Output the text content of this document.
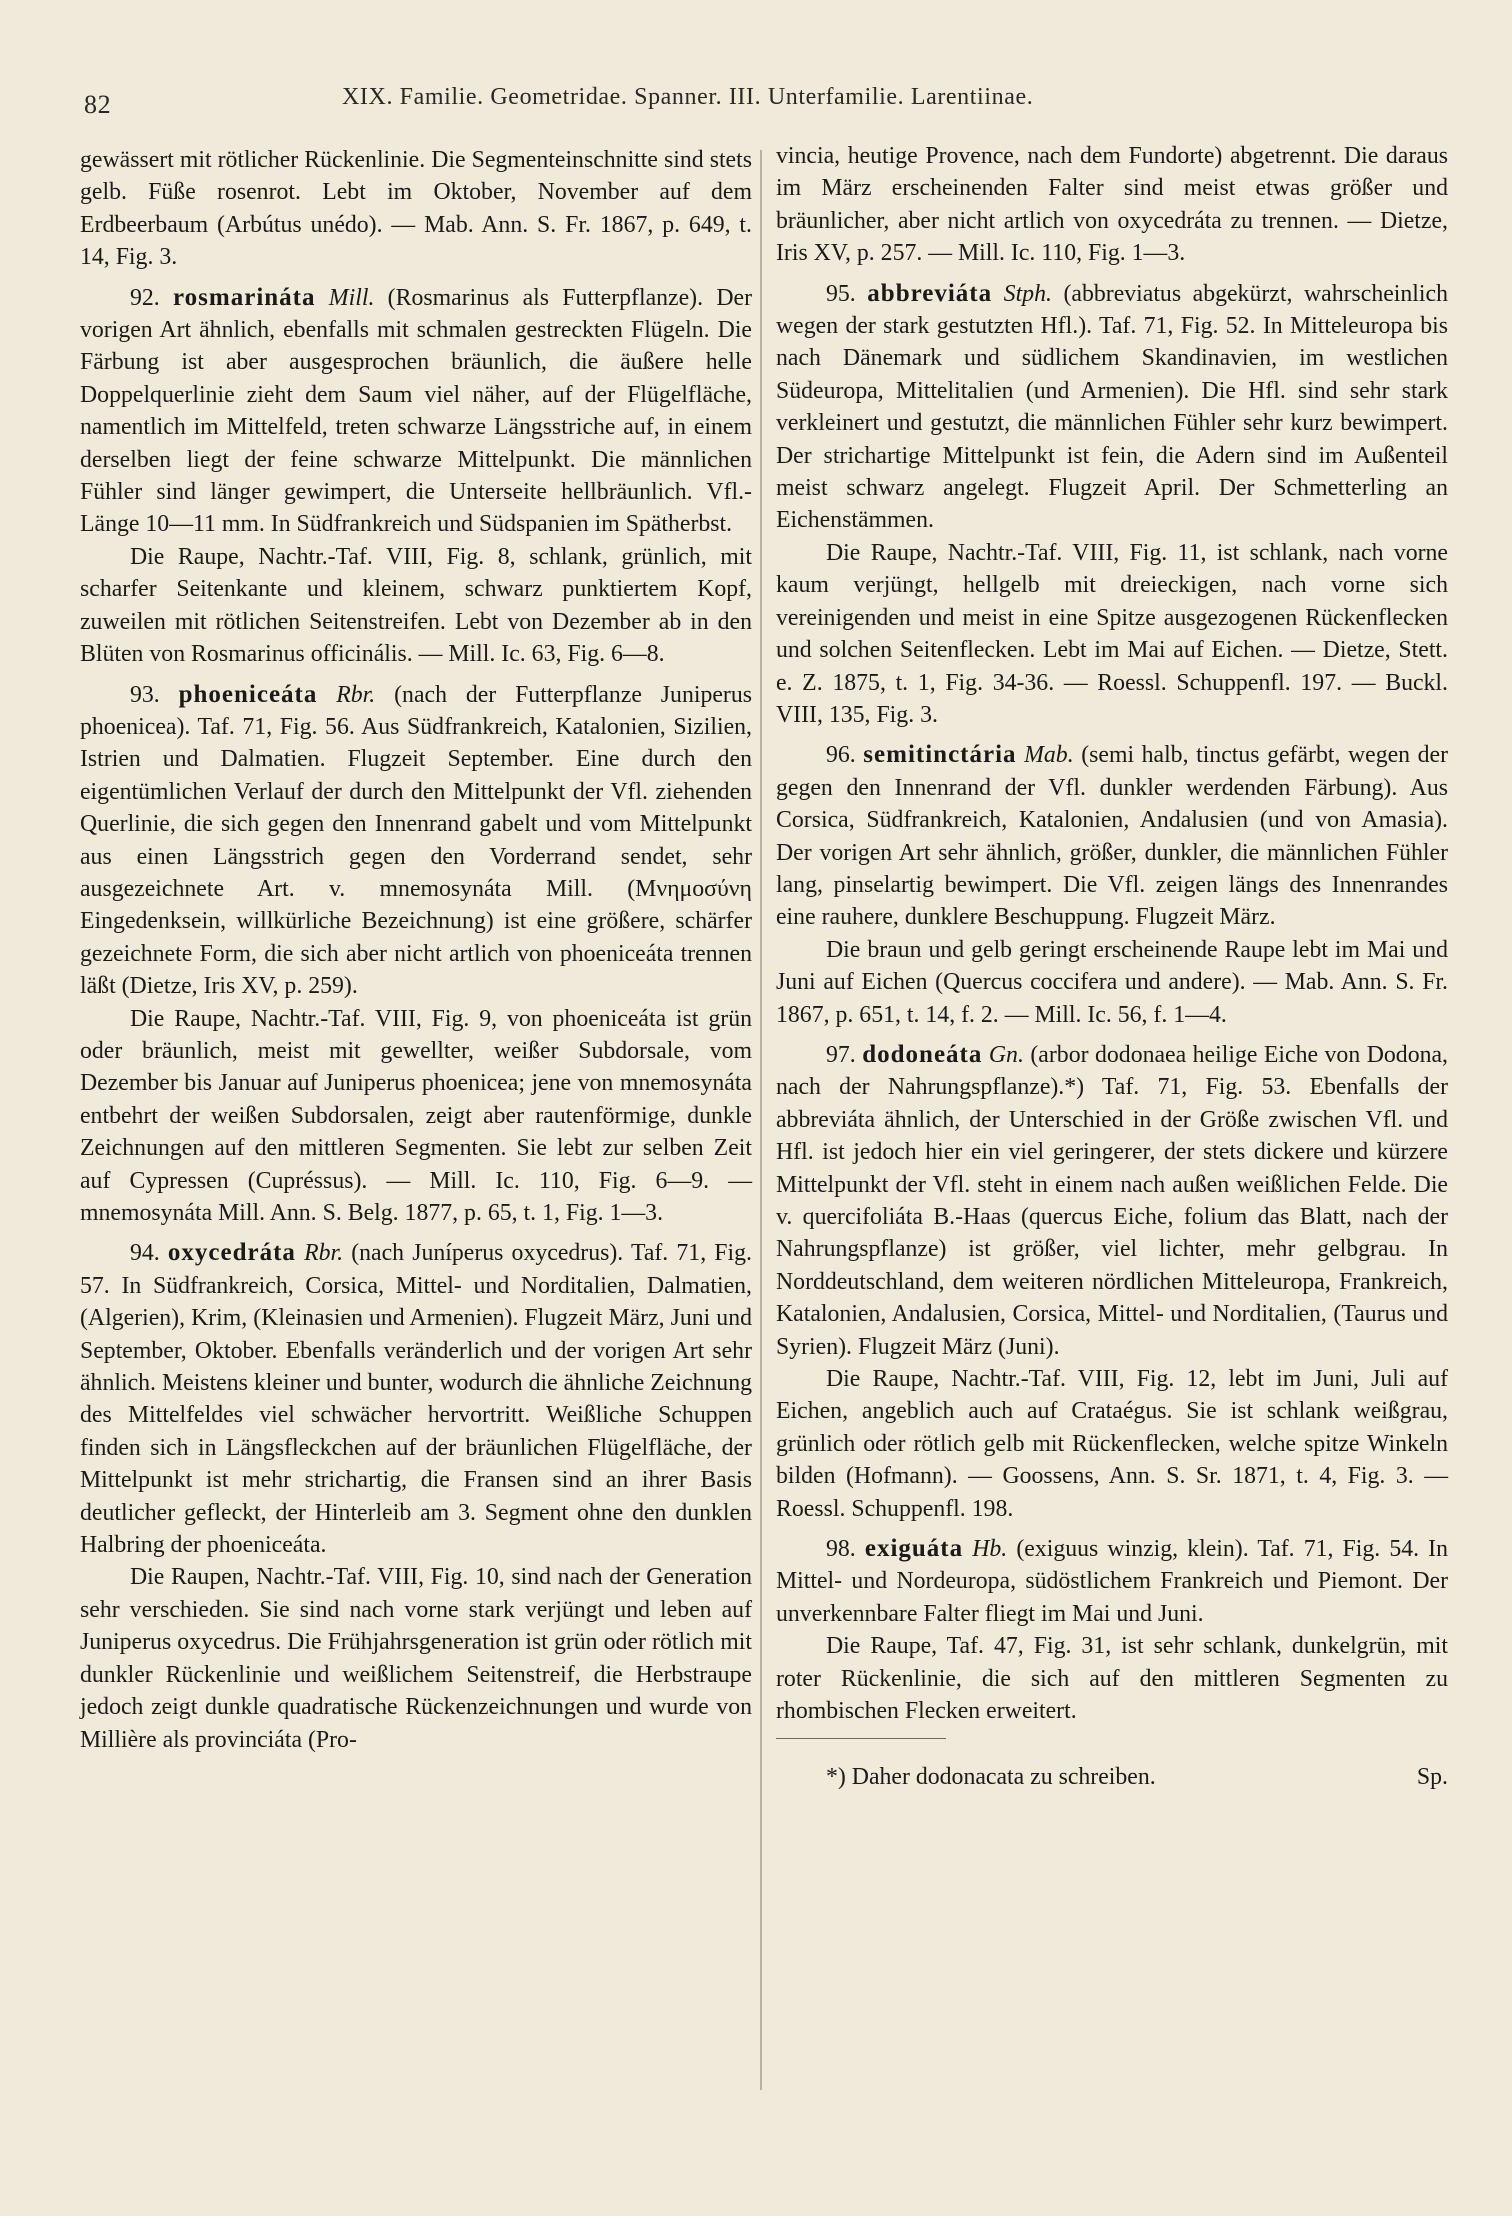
82	XIX. Familie. Geometridae. Spanner. III. Unterfamilie. Larentiinae.

gewässert mit rötlicher Rückenlinie. Die Segmenteinschnitte sind stets gelb. Füße rosenrot. Lebt im Oktober, November auf dem Erdbeerbaum (Arbútus unédo). — Mab. Ann. S. Fr. 1867, p. 649, t. 14, Fig. 3.

92. rosmarináta Mill. (Rosmarinus als Futterpflanze). Der vorigen Art ähnlich, ebenfalls mit schmalen gestreckten Flügeln. Die Färbung ist aber ausgesprochen bräunlich, die äußere helle Doppelquerlinie zieht dem Saum viel näher, auf der Flügelfläche, namentlich im Mittelfeld, treten schwarze Längsstriche auf, in einem derselben liegt der feine schwarze Mittelpunkt. Die männlichen Fühler sind länger gewimpert, die Unterseite hellbräunlich. Vfl.-Länge 10—11 mm. In Südfrankreich und Südspanien im Spätherbst.

Die Raupe, Nachtr.-Taf. VIII, Fig. 8, schlank, grünlich, mit scharfer Seitenkante und kleinem, schwarz punktiertem Kopf, zuweilen mit rötlichen Seitenstreifen. Lebt von Dezember ab in den Blüten von Rosmarinus officinális. — Mill. Ic. 63, Fig. 6—8.

93. phoeniceáta Rbr. (nach der Futterpflanze Juniperus phoenicea). Taf. 71, Fig. 56. Aus Südfrankreich, Katalonien, Sizilien, Istrien und Dalmatien. Flugzeit September. Eine durch den eigentümlichen Verlauf der durch den Mittelpunkt der Vfl. ziehenden Querlinie, die sich gegen den Innenrand gabelt und vom Mittelpunkt aus einen Längsstrich gegen den Vorderrand sendet, sehr ausgezeichnete Art. v. mnemosynáta Mill. (Μνημοσύνη Eingedenksein, willkürliche Bezeichnung) ist eine größere, schärfer gezeichnete Form, die sich aber nicht artlich von phoeniceáta trennen läßt (Dietze, Iris XV, p. 259).

Die Raupe, Nachtr.-Taf. VIII, Fig. 9, von phoeniceáta ist grün oder bräunlich, meist mit gewellter, weißer Subdorsale, vom Dezember bis Januar auf Juniperus phoenicea; jene von mnemosynáta entbehrt der weißen Subdorsalen, zeigt aber rautenförmige, dunkle Zeichnungen auf den mittleren Segmenten. Sie lebt zur selben Zeit auf Cypressen (Cupréssus). — Mill. Ic. 110, Fig. 6—9. — mnemosynáta Mill. Ann. S. Belg. 1877, p. 65, t. 1, Fig. 1—3.

94. oxycedráta Rbr. (nach Juníperus oxycedrus). Taf. 71, Fig. 57. In Südfrankreich, Corsica, Mittel- und Norditalien, Dalmatien, (Algerien), Krim, (Kleinasien und Armenien). Flugzeit März, Juni und September, Oktober. Ebenfalls veränderlich und der vorigen Art sehr ähnlich. Meistens kleiner und bunter, wodurch die ähnliche Zeichnung des Mittelfeldes viel schwächer hervortritt. Weißliche Schuppen finden sich in Längsfleckchen auf der bräunlichen Flügelfläche, der Mittelpunkt ist mehr strichartig, die Fransen sind an ihrer Basis deutlicher gefleckt, der Hinterleib am 3. Segment ohne den dunklen Halbring der phoeniceáta.

Die Raupen, Nachtr.-Taf. VIII, Fig. 10, sind nach der Generation sehr verschieden. Sie sind nach vorne stark verjüngt und leben auf Juniperus oxycedrus. Die Frühjahrsgeneration ist grün oder rötlich mit dunkler Rückenlinie und weißlichem Seitenstreif, die Herbstraupe jedoch zeigt dunkle quadratische Rückenzeichnungen und wurde von Millière als provinciáta (Pro-

vincia, heutige Provence, nach dem Fundorte) abgetrennt. Die daraus im März erscheinenden Falter sind meist etwas größer und bräunlicher, aber nicht artlich von oxycedráta zu trennen. — Dietze, Iris XV, p. 257. — Mill. Ic. 110, Fig. 1—3.

95. abbreviáta Stph. (abbreviatus abgekürzt, wahrscheinlich wegen der stark gestutzten Hfl.). Taf. 71, Fig. 52. In Mitteleuropa bis nach Dänemark und südlichem Skandinavien, im westlichen Südeuropa, Mittelitalien (und Armenien). Die Hfl. sind sehr stark verkleinert und gestutzt, die männlichen Fühler sehr kurz bewimpert. Der strichartige Mittelpunkt ist fein, die Adern sind im Außenteil meist schwarz angelegt. Flugzeit April. Der Schmetterling an Eichenstämmen.

Die Raupe, Nachtr.-Taf. VIII, Fig. 11, ist schlank, nach vorne kaum verjüngt, hellgelb mit dreieckigen, nach vorne sich vereinigenden und meist in eine Spitze ausgezogenen Rückenflecken und solchen Seitenflecken. Lebt im Mai auf Eichen. — Dietze, Stett. e. Z. 1875, t. 1, Fig. 34-36. — Roessl. Schuppenfl. 197. — Buckl. VIII, 135, Fig. 3.

96. semitinctária Mab. (semi halb, tinctus gefärbt, wegen der gegen den Innenrand der Vfl. dunkler werdenden Färbung). Aus Corsica, Südfrankreich, Katalonien, Andalusien (und von Amasia). Der vorigen Art sehr ähnlich, größer, dunkler, die männlichen Fühler lang, pinselartig bewimpert. Die Vfl. zeigen längs des Innenrandes eine rauhere, dunklere Beschuppung. Flugzeit März.

Die braun und gelb geringt erscheinende Raupe lebt im Mai und Juni auf Eichen (Quercus coccifera und andere). — Mab. Ann. S. Fr. 1867, p. 651, t. 14, f. 2. — Mill. Ic. 56, f. 1—4.

97. dodoneáta Gn. (arbor dodonaea heilige Eiche von Dodona, nach der Nahrungspflanze).*) Taf. 71, Fig. 53. Ebenfalls der abbreviáta ähnlich, der Unterschied in der Größe zwischen Vfl. und Hfl. ist jedoch hier ein viel geringerer, der stets dickere und kürzere Mittelpunkt der Vfl. steht in einem nach außen weißlichen Felde. Die v. quercifoliáta B.-Haas (quercus Eiche, folium das Blatt, nach der Nahrungspflanze) ist größer, viel lichter, mehr gelbgrau. In Norddeutschland, dem weiteren nördlichen Mitteleuropa, Frankreich, Katalonien, Andalusien, Corsica, Mittel- und Norditalien, (Taurus und Syrien). Flugzeit März (Juni).

Die Raupe, Nachtr.-Taf. VIII, Fig. 12, lebt im Juni, Juli auf Eichen, angeblich auch auf Crataégus. Sie ist schlank weißgrau, grünlich oder rötlich gelb mit Rückenflecken, welche spitze Winkeln bilden (Hofmann). — Goossens, Ann. S. Sr. 1871, t. 4, Fig. 3. — Roessl. Schuppenfl. 198.

98. exiguáta Hb. (exiguus winzig, klein). Taf. 71, Fig. 54. In Mittel- und Nordeuropa, südöstlichem Frankreich und Piemont. Der unverkennbare Falter fliegt im Mai und Juni.

Die Raupe, Taf. 47, Fig. 31, ist sehr schlank, dunkelgrün, mit roter Rückenlinie, die sich auf den mittleren Segmenten zu rhombischen Flecken erweitert.

*) Daher dodonacata zu schreiben.	Sp.
